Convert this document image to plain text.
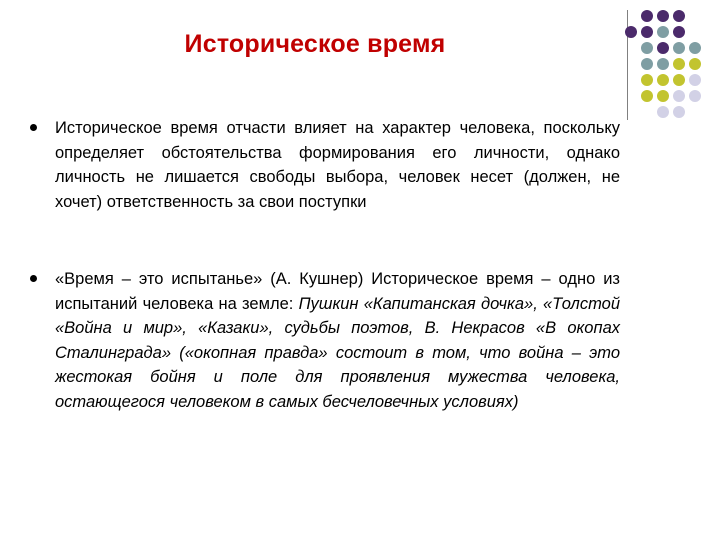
Историческое время
Историческое время отчасти влияет на характер человека, поскольку определяет обстоятельства формирования его личности, однако личность не лишается свободы выбора, человек несет (должен, не хочет) ответственность за свои поступки
«Время – это испытанье» (А. Кушнер) Историческое время – одно из испытаний человека на земле: Пушкин «Капитанская дочка», «Толстой «Война и мир», «Казаки», судьбы поэтов, В. Некрасов «В окопах Сталинграда» («окопная правда» состоит в том, что война – это жестокая бойня и поле для проявления мужества человека, остающегося человеком в самых бесчеловечных условиях)
